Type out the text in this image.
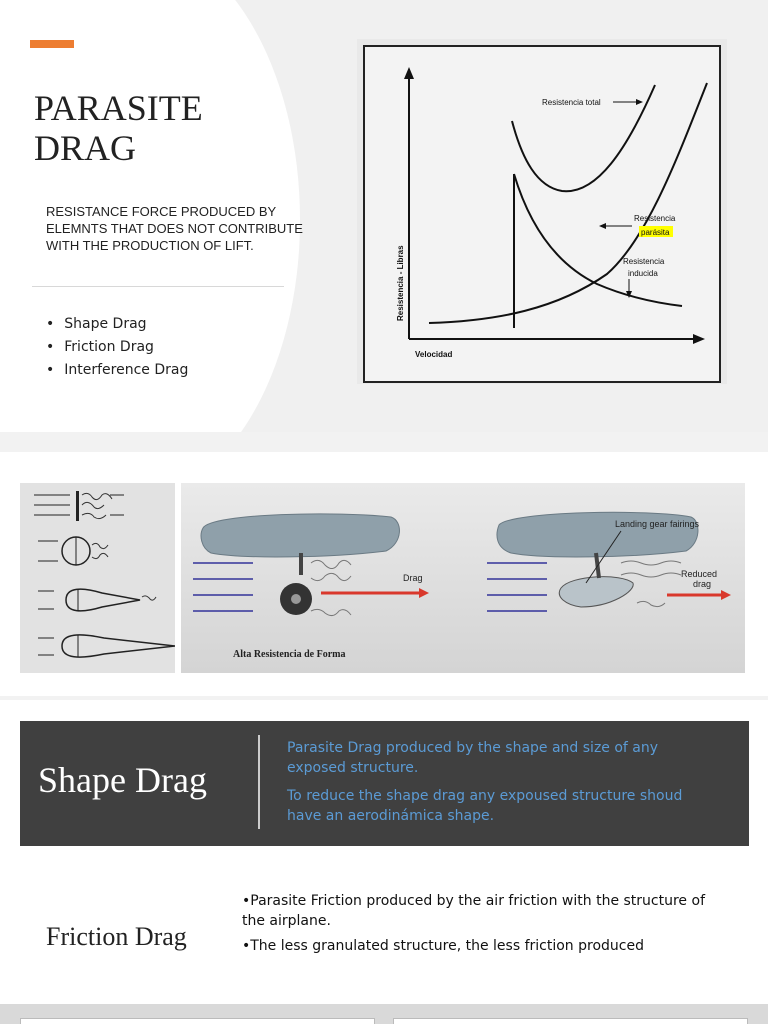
PARASITE DRAG

RESISTANCE FORCE PRODUCED BY ELEMNTS THAT DOES NOT CONTRIBUTE WITH THE PRODUCTION OF LIFT.

• Shape Drag
• Friction Drag
• Interference Drag
Resistencia total
Resistencia
parásita
Resistencia
inducida
Velocidad
Resistencia - Libras
Drag
Alta Resistencia de Forma
Landing gear fairings
Reduced
drag
Shape Drag

Parasite Drag produced by the shape and size of any exposed structure.

To reduce the shape drag any expoused structure shoud have an aerodinámica shape.

Friction Drag

•Parasite Friction produced by the air friction with the structure of the airplane.

•The less granulated structure, the less friction produced
